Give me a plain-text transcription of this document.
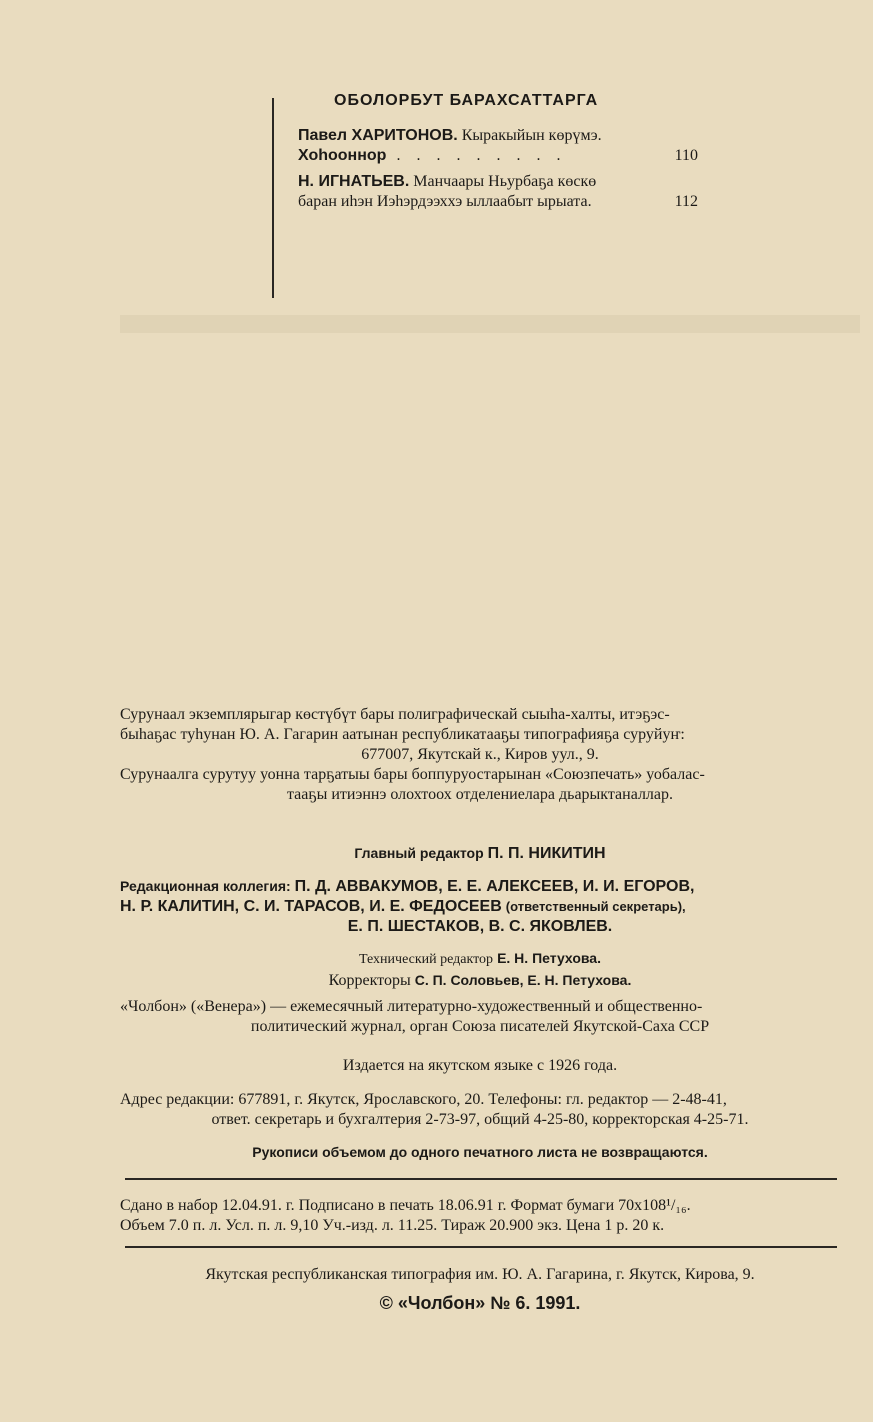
ОБОЛОРБУТ БАРАХСАТТАРГА
Павел ХАРИТОНОВ. Кыракыйын көрүмэ.
Хоhооннор . . . . . . . . .	110
Н. ИГНАТЬЕВ. Манчаары Ньурбаҕа көскө
баран иhэн Иэhэрдээххэ ыллаабыт ырыата.	112
Сурунаал экземплярыгар көстүбүт бары полиграфическай сыыhа-халты, итэҕэс-
быhаҕас туhунан Ю. А. Гагарин аатынан республикатааҕы типографияҕа суруйуҥ:
677007, Якутскай к., Киров уул., 9.
Сурунаалга сурутуу уонна тарҕатыы бары боппуруостарынан «Союзпечать» уобалас-
таaҕы итиэннэ олохтоох отделениелара дьарыктаналлар.
Главный редактор П. П. НИКИТИН
Редакционная коллегия: П. Д. АВВАКУМОВ, Е. Е. АЛЕКСЕЕВ, И. И. ЕГОРОВ,
Н. Р. КАЛИТИН, С. И. ТАРАСОВ, И. Е. ФЕДОСЕЕВ (ответственный секретарь),
Е. П. ШЕСТАКОВ, В. С. ЯКОВЛЕВ.
Технический редактор Е. Н. Петухова.
Корректоры С. П. Соловьев, Е. Н. Петухова.
«Чолбон» («Венера») — ежемесячный литературно-художественный и общественно-
политический журнал, орган Союза писателей Якутской-Саха ССР
Издается на якутском языке с 1926 года.
Адрес редакции: 677891, г. Якутск, Ярославского, 20. Телефоны: гл. редактор — 2-48-41,
ответ. секретарь и бухгалтерия 2-73-97, общий 4-25-80, корректорская 4-25-71.
Рукописи объемом до одного печатного листа не возвращаются.
Сдано в набор 12.04.91. г. Подписано в печать 18.06.91 г. Формат бумаги 70x108¹/₁₆.
Объем 7.0 п. л. Усл. п. л. 9,10 Уч.-изд. л. 11.25. Тираж 20.900 экз. Цена 1 р. 20 к.
Якутская республиканская типография им. Ю. А. Гагарина, г. Якутск, Кирова, 9.
© «Чолбон» № 6. 1991.
